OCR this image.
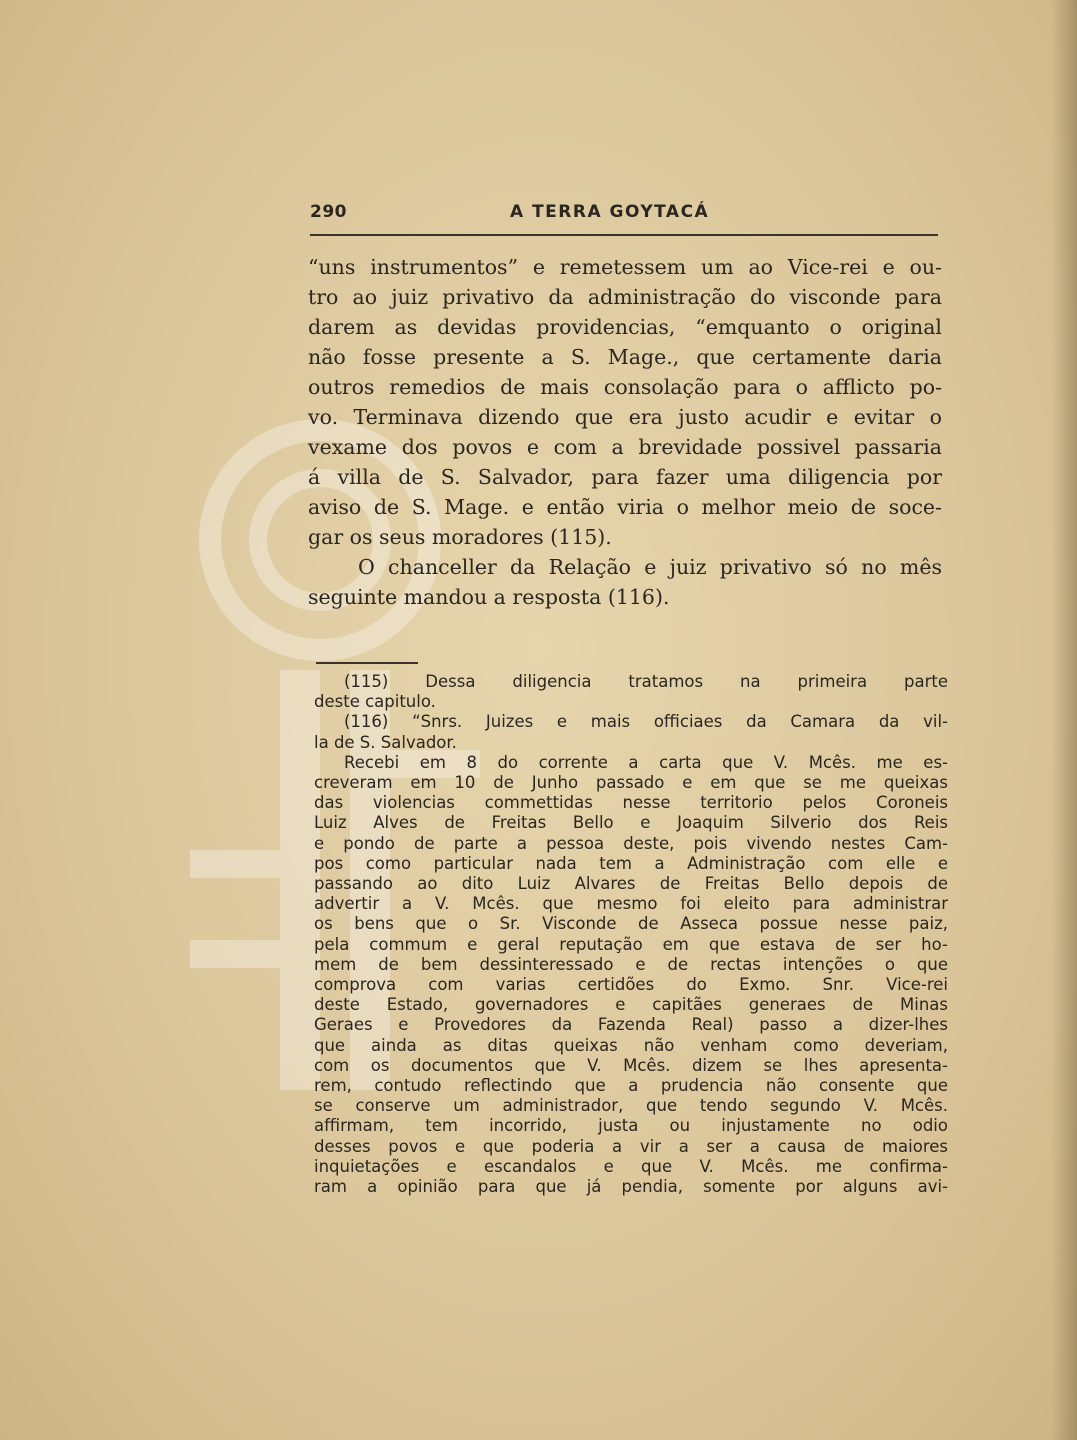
290	A TERRA GOYTACÁ

“uns instrumentos” e remetessem um ao Vice-rei e ou-
tro ao juiz privativo da administração do visconde para
darem as devidas providencias, “emquanto o original
não fosse presente a S. Mage., que certamente daria
outros remedios de mais consolação para o afflicto po-
vo. Terminava dizendo que era justo acudir e evitar o
vexame dos povos e com a brevidade possivel passaria
á villa de S. Salvador, para fazer uma diligencia por
aviso de S. Mage. e então viria o melhor meio de soce-
gar os seus moradores (115).

O chanceller da Relação e juiz privativo só no mês
seguinte mandou a resposta (116).

(115) Dessa diligencia tratamos na primeira parte
deste capitulo.
(116) “Snrs. Juizes e mais officiaes da Camara da vil-
la de S. Salvador.
Recebi em 8 do corrente a carta que V. Mcês. me es-
creveram em 10 de Junho passado e em que se me queixas
das violencias commettidas nesse territorio pelos Coroneis
Luiz Alves de Freitas Bello e Joaquim Silverio dos Reis
e pondo de parte a pessoa deste, pois vivendo nestes Cam-
pos como particular nada tem a Administração com elle e
passando ao dito Luiz Alvares de Freitas Bello depois de
advertir a V. Mcês. que mesmo foi eleito para administrar
os bens que o Sr. Visconde de Asseca possue nesse paiz,
pela commum e geral reputação em que estava de ser ho-
mem de bem dessinteressado e de rectas intenções o que
comprova com varias certidões do Exmo. Snr. Vice-rei
deste Estado, governadores e capitães generaes de Minas
Geraes e Provedores da Fazenda Real) passo a dizer-lhes
que ainda as ditas queixas não venham como deveriam,
com os documentos que V. Mcês. dizem se lhes apresenta-
rem, contudo reflectindo que a prudencia não consente que
se conserve um administrador, que tendo segundo V. Mcês.
affirmam, tem incorrido, justa ou injustamente no odio
desses povos e que poderia a vir a ser a causa de maiores
inquietações e escandalos e que V. Mcês. me confirma-
ram a opinião para que já pendia, somente por alguns avi-
